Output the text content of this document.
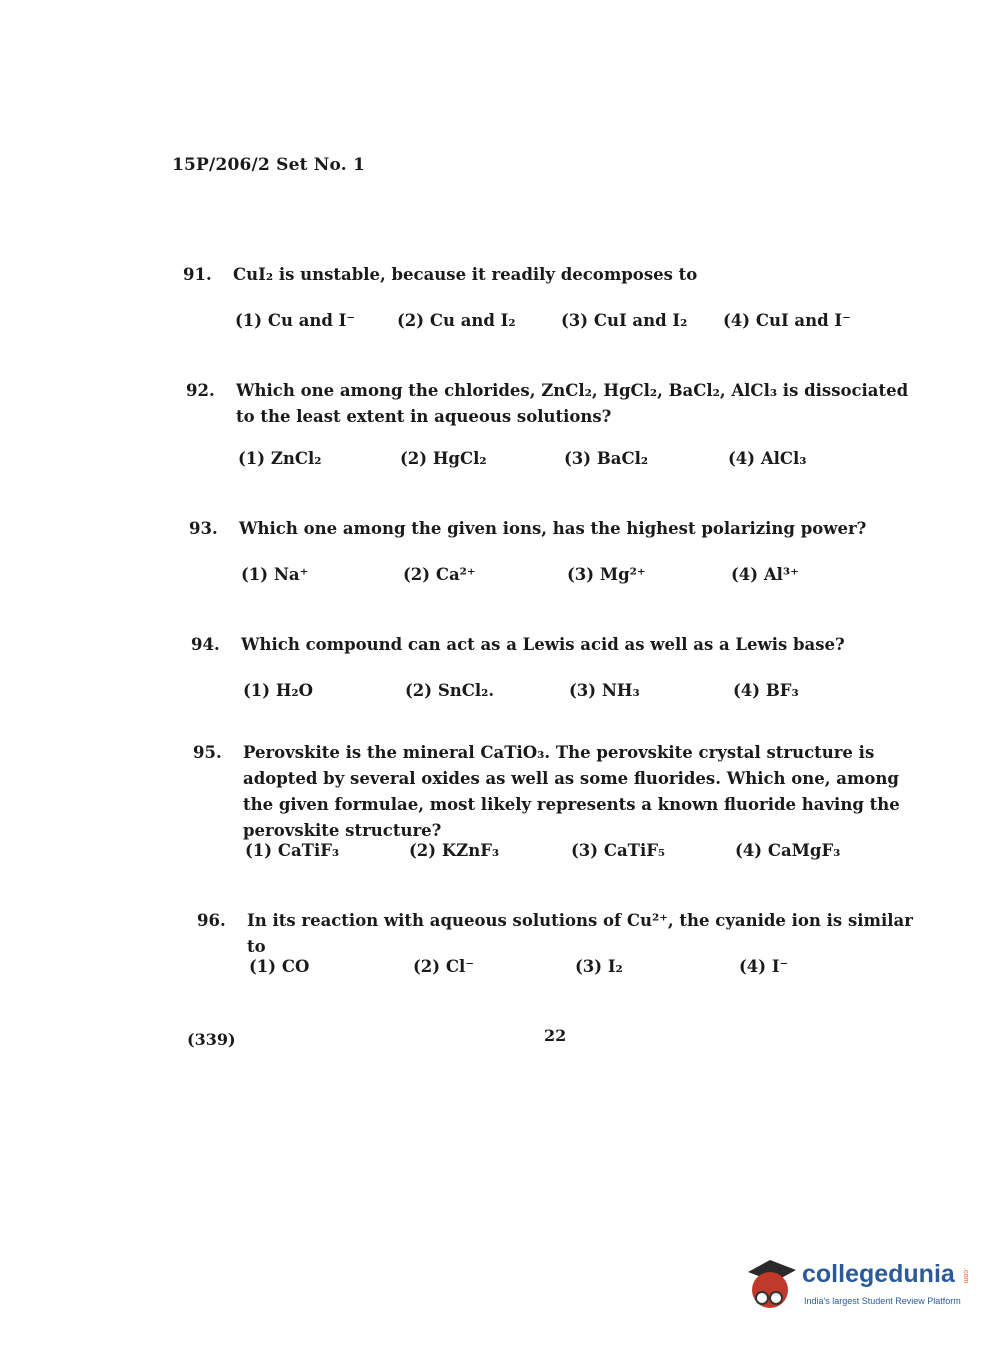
15P/206/2 Set No. 1
91. CuI₂ is unstable, because it readily decomposes to
(1) Cu and I⁻	(2) Cu and I₂	(3) CuI and I₂ (4) CuI and I⁻
92. Which one among the chlorides, ZnCl₂, HgCl₂, BaCl₂, AlCl₃ is dissociated to the least extent in aqueous solutions?
(1) ZnCl₂	(2) HgCl₂	(3) BaCl₂	(4) AlCl₃
93. Which one among the given ions, has the highest polarizing power?
(1) Na⁺	(2) Ca²⁺	(3) Mg²⁺	(4) Al³⁺
94. Which compound can act as a Lewis acid as well as a Lewis base?
(1) H₂O	(2) SnCl₂.	(3) NH₃	(4) BF₃
95. Perovskite is the mineral CaTiO₃. The perovskite crystal structure is adopted by several oxides as well as some fluorides. Which one, among the given formulae, most likely represents a known fluoride having the perovskite structure?
(1) CaTiF₃	(2) KZnF₃	(3) CaTiF₅	(4) CaMgF₃
96. In its reaction with aqueous solutions of Cu²⁺, the cyanide ion is similar to
(1) CO	(2) Cl⁻	(3) I₂	(4) I⁻
(339)	22
collegedunia .com
India's largest Student Review Platform
